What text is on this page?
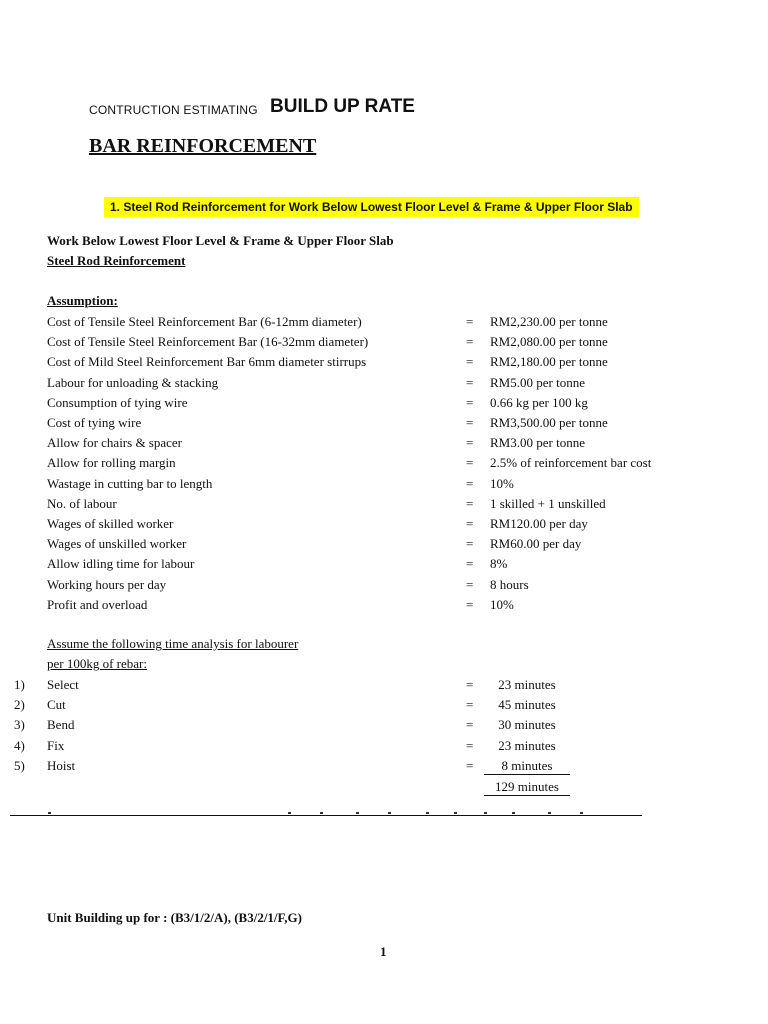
CONTRUCTION ESTIMATING BUILD UP RATE
BAR REINFORCEMENT
1. Steel Rod Reinforcement for Work Below Lowest Floor Level & Frame & Upper Floor Slab
Work Below Lowest Floor Level & Frame & Upper Floor Slab
Steel Rod Reinforcement
Assumption:
Cost of Tensile Steel Reinforcement Bar (6-12mm diameter)	= RM2,230.00 per tonne
Cost of Tensile Steel Reinforcement Bar (16-32mm diameter)	= RM2,080.00 per tonne
Cost of Mild Steel Reinforcement Bar 6mm diameter stirrups	= RM2,180.00 per tonne
Labour for unloading & stacking	= RM5.00 per tonne
Consumption of tying wire	= 0.66 kg per 100 kg
Cost of tying wire	= RM3,500.00 per tonne
Allow for chairs & spacer	= RM3.00 per tonne
Allow for rolling margin	= 2.5% of reinforcement bar cost
Wastage in cutting bar to length	= 10%
No. of labour	= 1 skilled + 1 unskilled
Wages of skilled worker	= RM120.00 per day
Wages of unskilled worker	= RM60.00 per day
Allow idling time for labour	= 8%
Working hours per day	= 8 hours
Profit and overload	= 10%
Assume the following time analysis for labourer
per 100kg of rebar:
1) Select	=	23 minutes
2) Cut	=	45 minutes
3) Bend	=	30 minutes
4) Fix	=	23 minutes
5) Hoist	=	8 minutes
129 minutes
Unit Building up for : (B3/1/2/A), (B3/2/1/F,G)
1
